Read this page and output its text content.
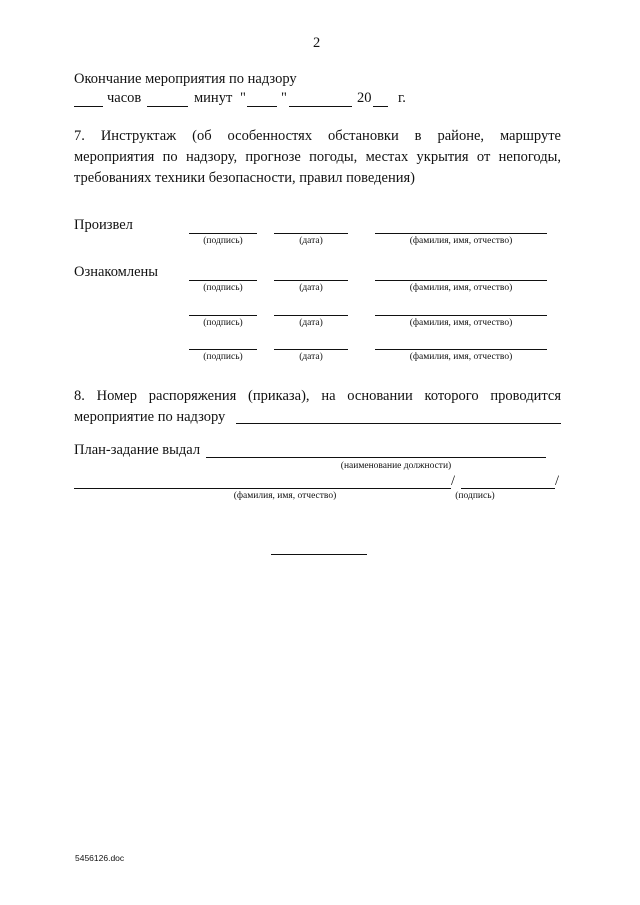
2
Окончание мероприятия по надзору
часов	минут " "	20 г.
7. Инструктаж (об особенностях обстановки в районе, маршруте
мероприятия по надзору, прогнозе погоды, местах укрытия от непогоды,
требованиях техники безопасности, правил поведения)
Произвел
(подпись)	(дата)	(фамилия, имя, отчество)
Ознакомлены
(подпись)	(дата)	(фамилия, имя, отчество)
(подпись)	(дата)	(фамилия, имя, отчество)
(подпись)	(дата)	(фамилия, имя, отчество)
8. Номер распоряжения (приказа), на основании которого проводится
мероприятие по надзору
План-задание выдал
(наименование должности)
/	/
(фамилия, имя, отчество)	(подпись)
5456126.doc
